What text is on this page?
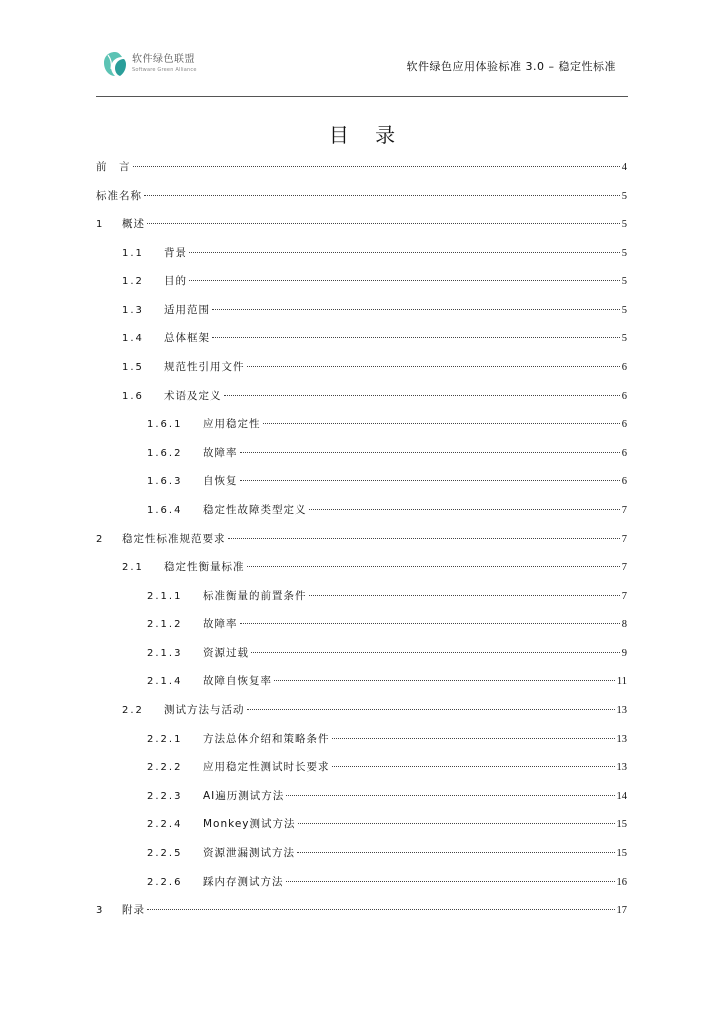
软件绿色联盟
Software Green Alliance	软件绿色应用体验标准 3.0 – 稳定性标准
目 录
前　言	4
标准名称	5
1	概述	5
1.1	背景	5
1.2	目的	5
1.3	适用范围	5
1.4	总体框架	5
1.5	规范性引用文件	6
1.6	术语及定义	6
1.6.1	应用稳定性	6
1.6.2	故障率	6
1.6.3	自恢复	6
1.6.4	稳定性故障类型定义	7
2	稳定性标准规范要求	7
2.1	稳定性衡量标准	7
2.1.1	标准衡量的前置条件	7
2.1.2	故障率	8
2.1.3	资源过载	9
2.1.4	故障自恢复率	11
2.2	测试方法与活动	13
2.2.1	方法总体介绍和策略条件	13
2.2.2	应用稳定性测试时长要求	13
2.2.3	AI遍历测试方法	14
2.2.4	Monkey测试方法	15
2.2.5	资源泄漏测试方法	15
2.2.6	踩内存测试方法	16
3	附录	17
